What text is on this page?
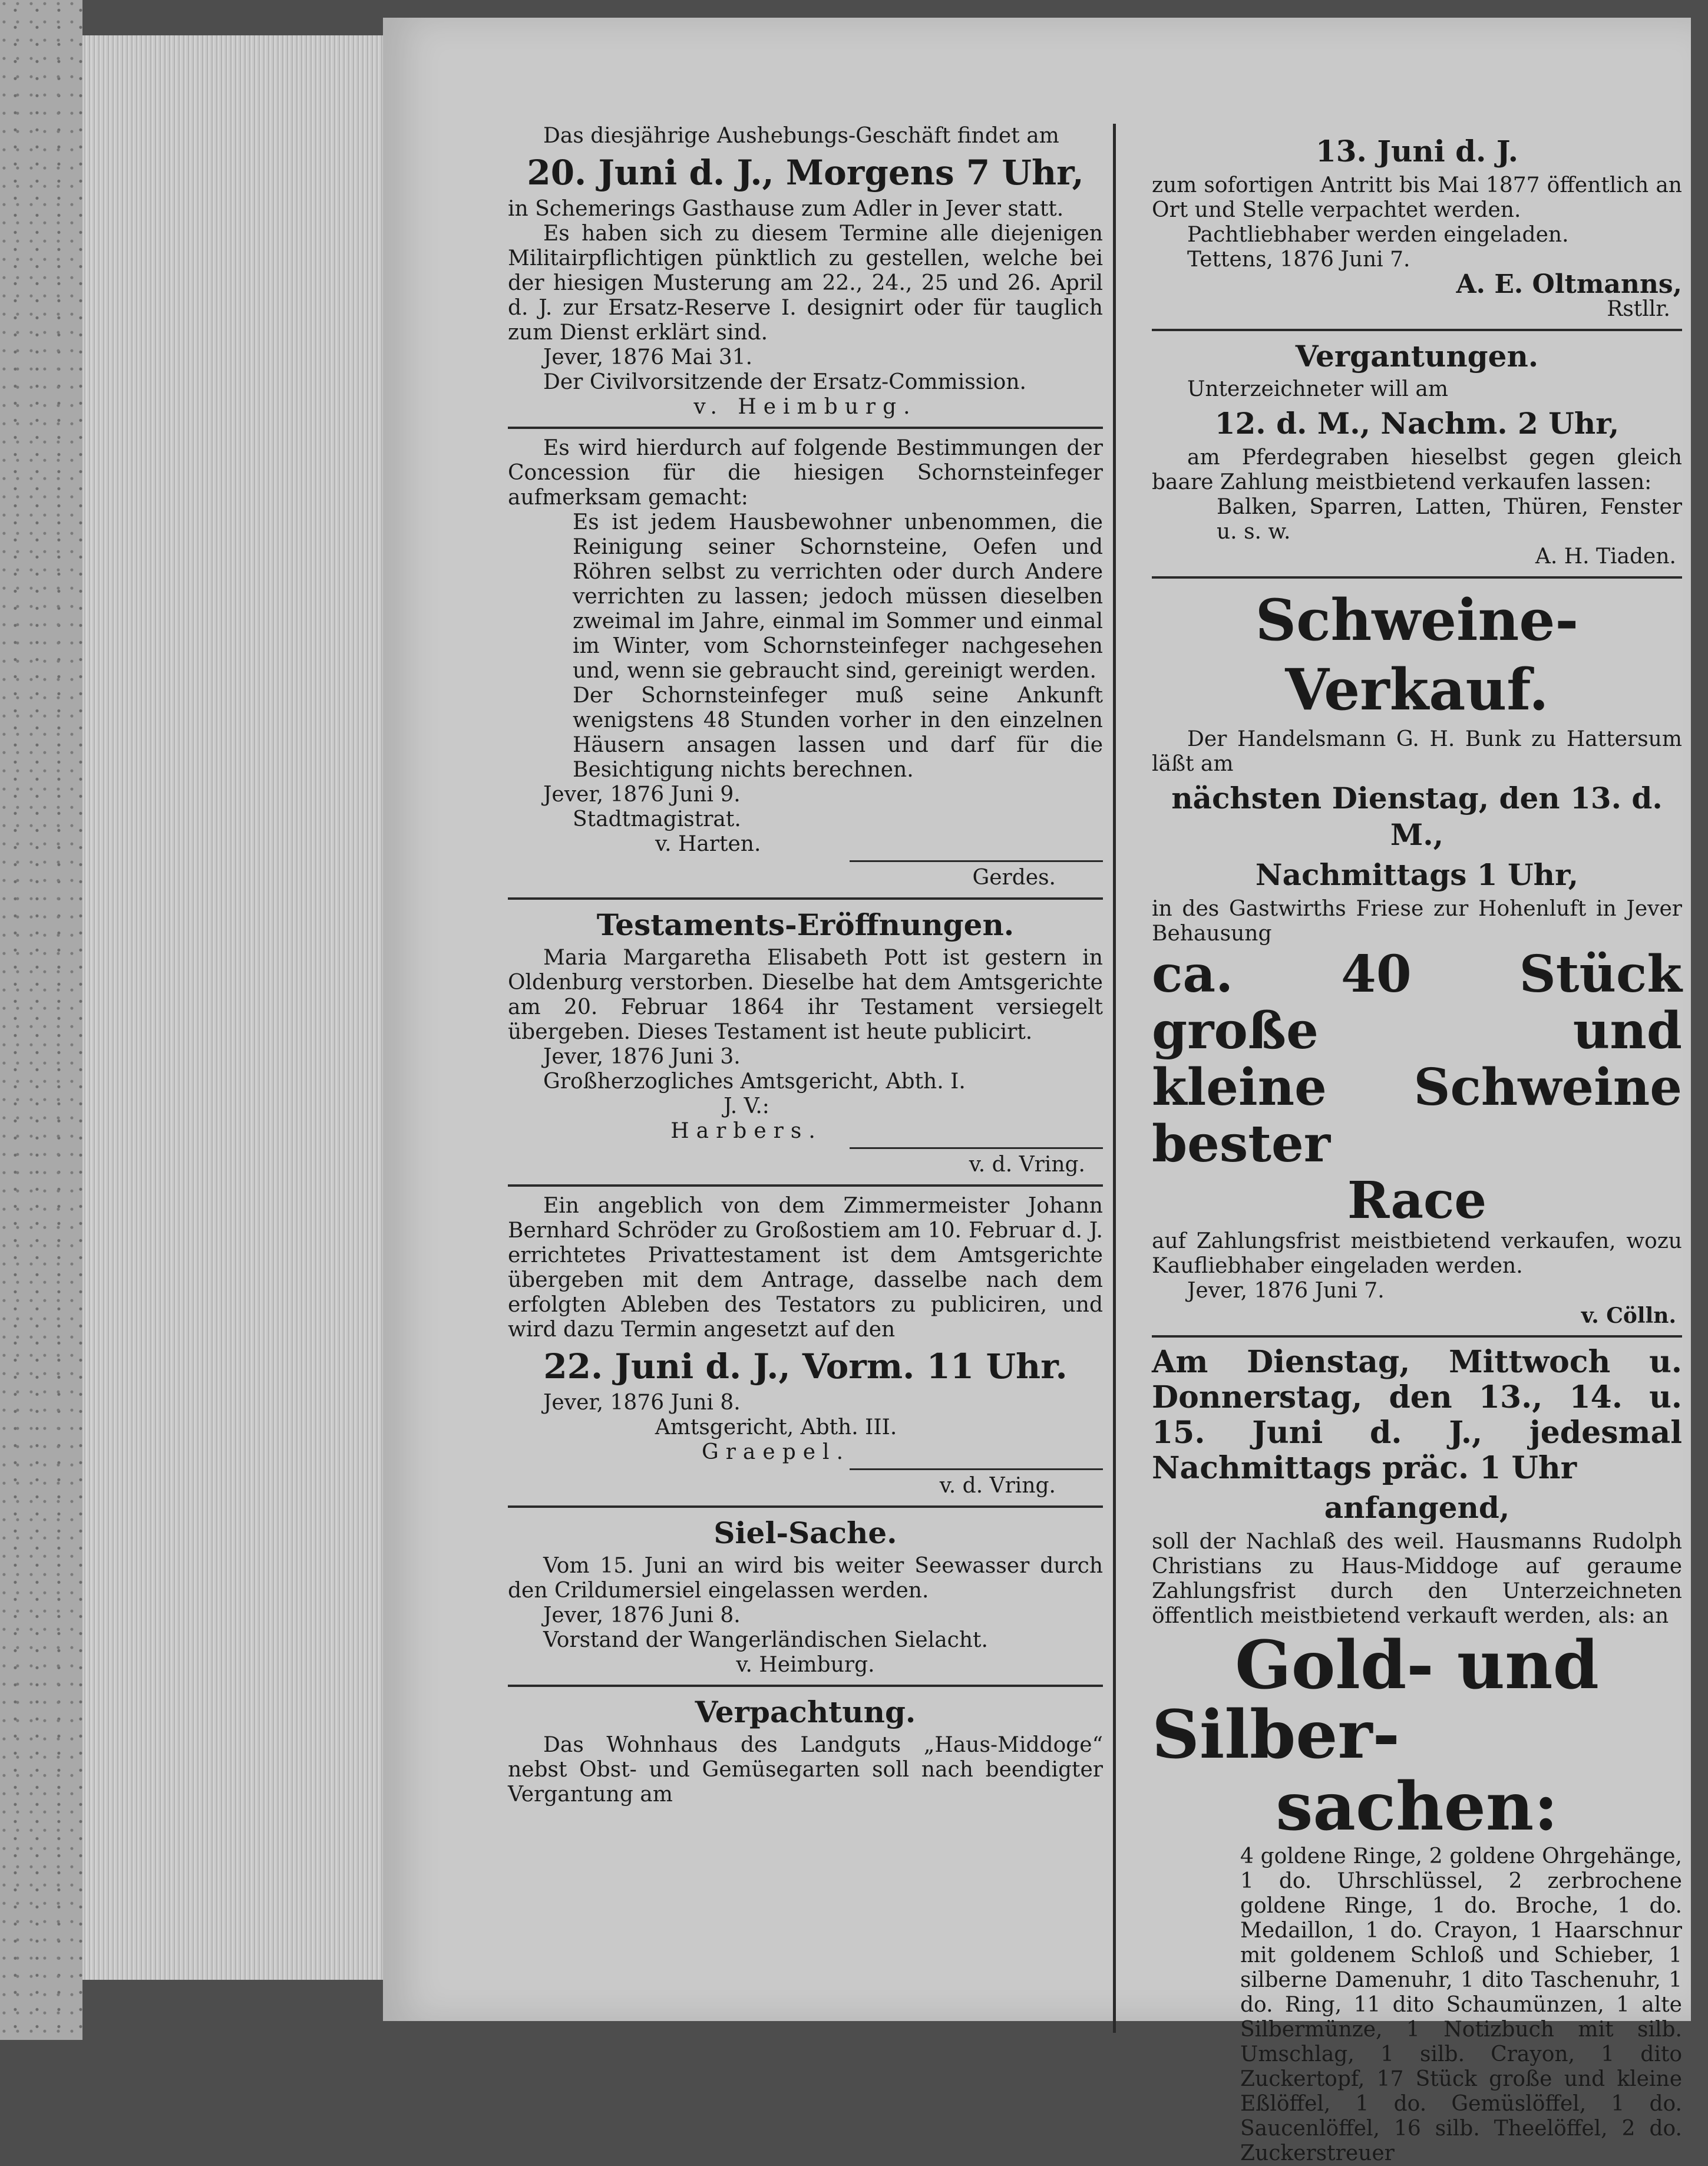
Das diesjährige Aushebungs-Geschäft findet am

20. Juni d. J., Morgens 7 Uhr,

in Schemerings Gasthause zum Adler in Jever statt.

Es haben sich zu diesem Termine alle diejenigen Militairpflichtigen pünktlich zu gestellen, welche bei der hiesigen Musterung am 22., 24., 25 und 26. April d. J. zur Ersatz-Reserve I. designirt oder für tauglich zum Dienst erklärt sind.

Jever, 1876 Mai 31.

Der Civilvorsitzende der Ersatz-Commission.

v. Heimburg.

Es wird hierdurch auf folgende Bestimmungen der Concession für die hiesigen Schornsteinfeger aufmerksam gemacht:

Es ist jedem Hausbewohner unbenommen, die Reinigung seiner Schornsteine, Oefen und Röhren selbst zu verrichten oder durch Andere verrichten zu lassen; jedoch müssen dieselben zweimal im Jahre, einmal im Sommer und einmal im Winter, vom Schornsteinfeger nachgesehen und, wenn sie gebraucht sind, gereinigt werden.

Der Schornsteinfeger muß seine Ankunft wenigstens 48 Stunden vorher in den einzelnen Häusern ansagen lassen und darf für die Besichtigung nichts berechnen.

Jever, 1876 Juni 9.

Stadtmagistrat.

v. Harten.

Gerdes.

Testaments-Eröffnungen.

Maria Margaretha Elisabeth Pott ist gestern in Oldenburg verstorben. Dieselbe hat dem Amtsgerichte am 20. Februar 1864 ihr Testament versiegelt übergeben. Dieses Testament ist heute publicirt.

Jever, 1876 Juni 3.

Großherzogliches Amtsgericht, Abth. I.

J. V.:

Harbers.

v. d. Vring.

Ein angeblich von dem Zimmermeister Johann Bernhard Schröder zu Großostiem am 10. Februar d. J. errichtetes Privattestament ist dem Amtsgerichte übergeben mit dem Antrage, dasselbe nach dem erfolgten Ableben des Testators zu publiciren, und wird dazu Termin angesetzt auf den

22. Juni d. J., Vorm. 11 Uhr.

Jever, 1876 Juni 8.

Amtsgericht, Abth. III.

Graepel.

v. d. Vring.

Siel-Sache.

Vom 15. Juni an wird bis weiter Seewasser durch den Crildumersiel eingelassen werden.

Jever, 1876 Juni 8.

Vorstand der Wangerländischen Sielacht.

v. Heimburg.

Verpachtung.

Das Wohnhaus des Landguts „Haus-Middoge“ nebst Obst- und Gemüsegarten soll nach beendigter Vergantung am

13. Juni d. J.

zum sofortigen Antritt bis Mai 1877 öffentlich an Ort und Stelle verpachtet werden.

Pachtliebhaber werden eingeladen.

Tettens, 1876 Juni 7.

A. E. Oltmanns,

Rstllr.

Vergantungen.

Unterzeichneter will am

12. d. M., Nachm. 2 Uhr,

am Pferdegraben hieselbst gegen gleich baare Zahlung meistbietend verkaufen lassen:

Balken, Sparren, Latten, Thüren, Fenster u. s. w.

A. H. Tiaden.

Schweine-Verkauf.

Der Handelsmann G. H. Bunk zu Hattersum läßt am

nächsten Dienstag, den 13. d. M.,

Nachmittags 1 Uhr,

in des Gastwirths Friese zur Hohenluft in Jever Behausung

ca. 40 Stück große und

kleine Schweine bester

Race

auf Zahlungsfrist meistbietend verkaufen, wozu Kaufliebhaber eingeladen werden.

Jever, 1876 Juni 7.

v. Cölln.

Am Dienstag, Mittwoch u. Donnerstag, den 13., 14. u. 15. Juni d. J., jedesmal Nachmittags präc. 1 Uhr

anfangend,

soll der Nachlaß des weil. Hausmanns Rudolph Christians zu Haus-Middoge auf geraume Zahlungsfrist durch den Unterzeichneten öffentlich meistbietend verkauft werden, als: an

Gold- und Silber-

sachen:

4 goldene Ringe, 2 goldene Ohrgehänge, 1 do. Uhrschlüssel, 2 zerbrochene goldene Ringe, 1 do. Broche, 1 do. Medaillon, 1 do. Crayon, 1 Haarschnur mit goldenem Schloß und Schieber, 1 silberne Damenuhr, 1 dito Taschenuhr, 1 do. Ring, 11 dito Schaumünzen, 1 alte Silbermünze, 1 Notizbuch mit silb. Umschlag, 1 silb. Crayon, 1 dito Zuckertopf, 17 Stück große und kleine Eßlöffel, 1 do. Gemüslöffel, 1 do. Saucenlöffel, 16 silb. Theelöffel, 2 do. Zuckerstreuer
